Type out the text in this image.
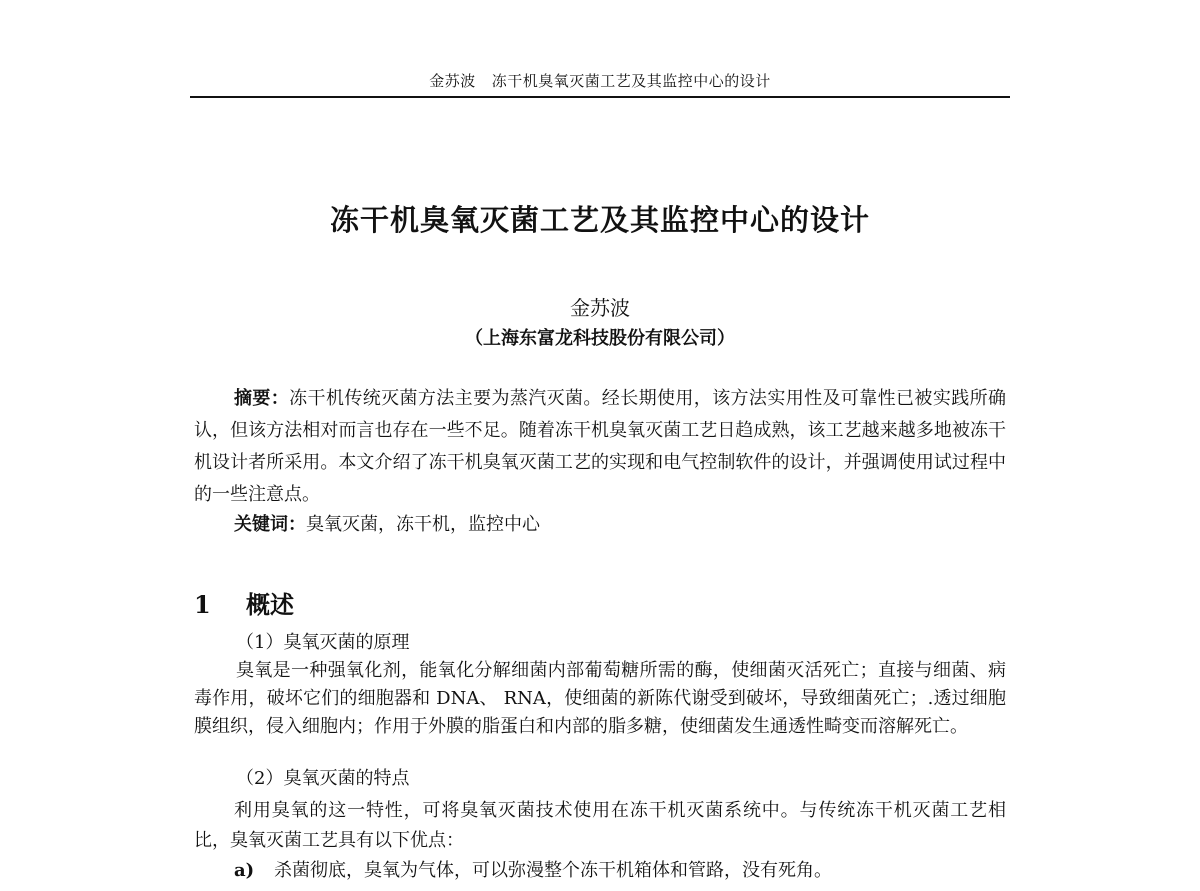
金苏波 冻干机臭氧灭菌工艺及其监控中心的设计
冻干机臭氧灭菌工艺及其监控中心的设计
金苏波
（上海东富龙科技股份有限公司）

摘要：冻干机传统灭菌方法主要为蒸汽灭菌。经长期使用，该方法实用性及可靠性已被实践所确认，但该方法相对而言也存在一些不足。随着冻干机臭氧灭菌工艺日趋成熟，该工艺越来越多地被冻干机设计者所采用。本文介绍了冻干机臭氧灭菌工艺的实现和电气控制软件的设计，并强调使用试过程中的一些注意点。

关键词：臭氧灭菌，冻干机，监控中心

1 概述
（1）臭氧灭菌的原理

臭氧是一种强氧化剂，能氧化分解细菌内部葡萄糖所需的酶，使细菌灭活死亡；直接与细菌、病毒作用，破坏它们的细胞器和 DNA、 RNA，使细菌的新陈代谢受到破坏，导致细菌死亡；.透过细胞膜组织，侵入细胞内；作用于外膜的脂蛋白和内部的脂多糖，使细菌发生通透性畸变而溶解死亡。

（2）臭氧灭菌的特点

利用臭氧的这一特性，可将臭氧灭菌技术使用在冻干机灭菌系统中。与传统冻干机灭菌工艺相比，臭氧灭菌工艺具有以下优点：

a) 杀菌彻底，臭氧为气体，可以弥漫整个冻干机箱体和管路，没有死角。
